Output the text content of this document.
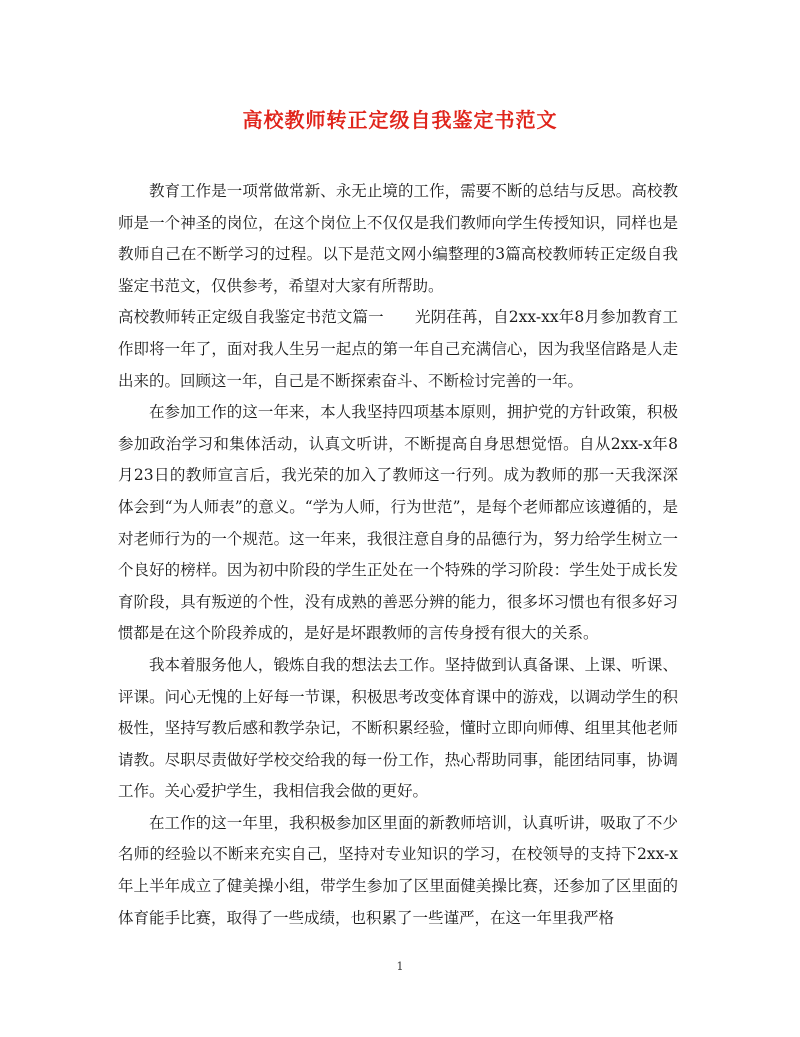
高校教师转正定级自我鉴定书范文

教育工作是一项常做常新、永无止境的工作，需要不断的总结与反思。高校教师是一个神圣的岗位，在这个岗位上不仅仅是我们教师向学生传授知识，同样也是教师自己在不断学习的过程。以下是范文网小编整理的3篇高校教师转正定级自我鉴定书范文，仅供参考，希望对大家有所帮助。

高校教师转正定级自我鉴定书范文篇一　　光阴荏苒，自2xx-xx年8月参加教育工作即将一年了，面对我人生另一起点的第一年自己充满信心，因为我坚信路是人走出来的。回顾这一年，自己是不断探索奋斗、不断检讨完善的一年。

在参加工作的这一年来，本人我坚持四项基本原则，拥护党的方针政策，积极参加政治学习和集体活动，认真文听讲，不断提高自身思想觉悟。自从2xx-x年8月23日的教师宣言后，我光荣的加入了教师这一行列。成为教师的那一天我深深体会到“为人师表”的意义。“学为人师，行为世范”，是每个老师都应该遵循的，是对老师行为的一个规范。这一年来，我很注意自身的品德行为，努力给学生树立一个良好的榜样。因为初中阶段的学生正处在一个特殊的学习阶段：学生处于成长发育阶段，具有叛逆的个性，没有成熟的善恶分辨的能力，很多坏习惯也有很多好习惯都是在这个阶段养成的，是好是坏跟教师的言传身授有很大的关系。

我本着服务他人，锻炼自我的想法去工作。坚持做到认真备课、上课、听课、评课。问心无愧的上好每一节课，积极思考改变体育课中的游戏，以调动学生的积极性，坚持写教后感和教学杂记，不断积累经验，懂时立即向师傅、组里其他老师请教。尽职尽责做好学校交给我的每一份工作，热心帮助同事，能团结同事，协调工作。关心爱护学生，我相信我会做的更好。

在工作的这一年里，我积极参加区里面的新教师培训，认真听讲，吸取了不少名师的经验以不断来充实自己，坚持对专业知识的学习，在校领导的支持下2xx-x年上半年成立了健美操小组，带学生参加了区里面健美操比赛，还参加了区里面的体育能手比赛，取得了一些成绩，也积累了一些谨严，在这一年里我严格

1
